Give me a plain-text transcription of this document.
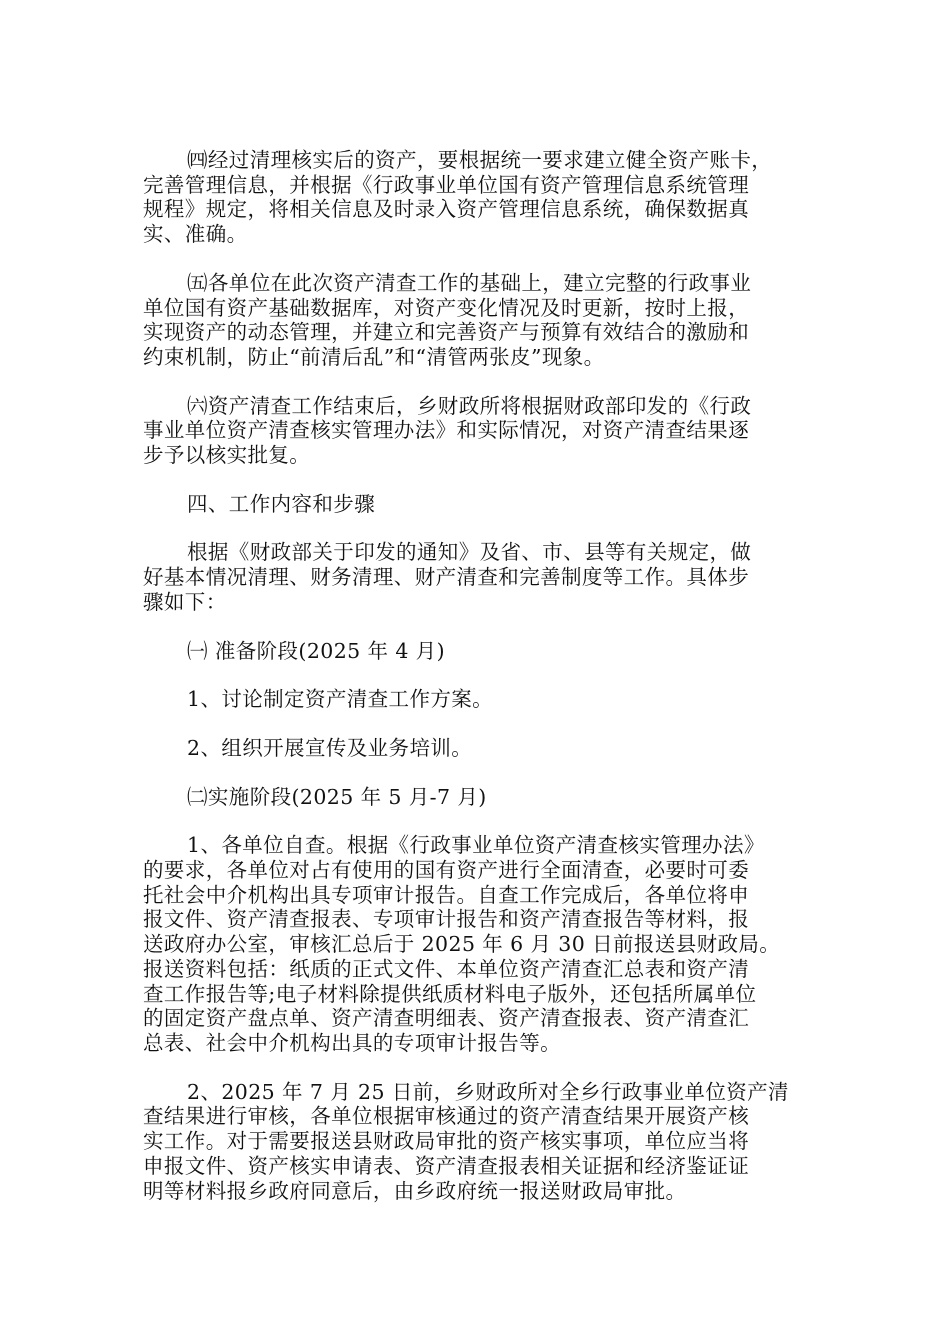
㈣经过清理核实后的资产，要根据统一要求建立健全资产账卡，
完善管理信息，并根据《行政事业单位国有资产管理信息系统管理
规程》规定，将相关信息及时录入资产管理信息系统，确保数据真
实、准确。

㈤各单位在此次资产清查工作的基础上，建立完整的行政事业
单位国有资产基础数据库，对资产变化情况及时更新，按时上报，
实现资产的动态管理，并建立和完善资产与预算有效结合的激励和
约束机制，防止“前清后乱”和“清管两张皮”现象。

㈥资产清查工作结束后，乡财政所将根据财政部印发的《行政
事业单位资产清查核实管理办法》和实际情况，对资产清查结果逐
步予以核实批复。

四、工作内容和步骤

根据《财政部关于印发的通知》及省、市、县等有关规定，做
好基本情况清理、财务清理、财产清查和完善制度等工作。具体步
骤如下：

㈠ 准备阶段(2025 年 4 月)

1、讨论制定资产清查工作方案。

2、组织开展宣传及业务培训。

㈡实施阶段(2025 年 5 月-7 月)

1、各单位自查。根据《行政事业单位资产清查核实管理办法》
的要求，各单位对占有使用的国有资产进行全面清查，必要时可委
托社会中介机构出具专项审计报告。自查工作完成后，各单位将申
报文件、资产清查报表、专项审计报告和资产清查报告等材料，报
送政府办公室，审核汇总后于 2025 年 6 月 30 日前报送县财政局。
报送资料包括：纸质的正式文件、本单位资产清查汇总表和资产清
查工作报告等;电子材料除提供纸质材料电子版外，还包括所属单位
的固定资产盘点单、资产清查明细表、资产清查报表、资产清查汇
总表、社会中介机构出具的专项审计报告等。

2、2025 年 7 月 25 日前，乡财政所对全乡行政事业单位资产清
查结果进行审核，各单位根据审核通过的资产清查结果开展资产核
实工作。对于需要报送县财政局审批的资产核实事项，单位应当将
申报文件、资产核实申请表、资产清查报表相关证据和经济鉴证证
明等材料报乡政府同意后，由乡政府统一报送财政局审批。
